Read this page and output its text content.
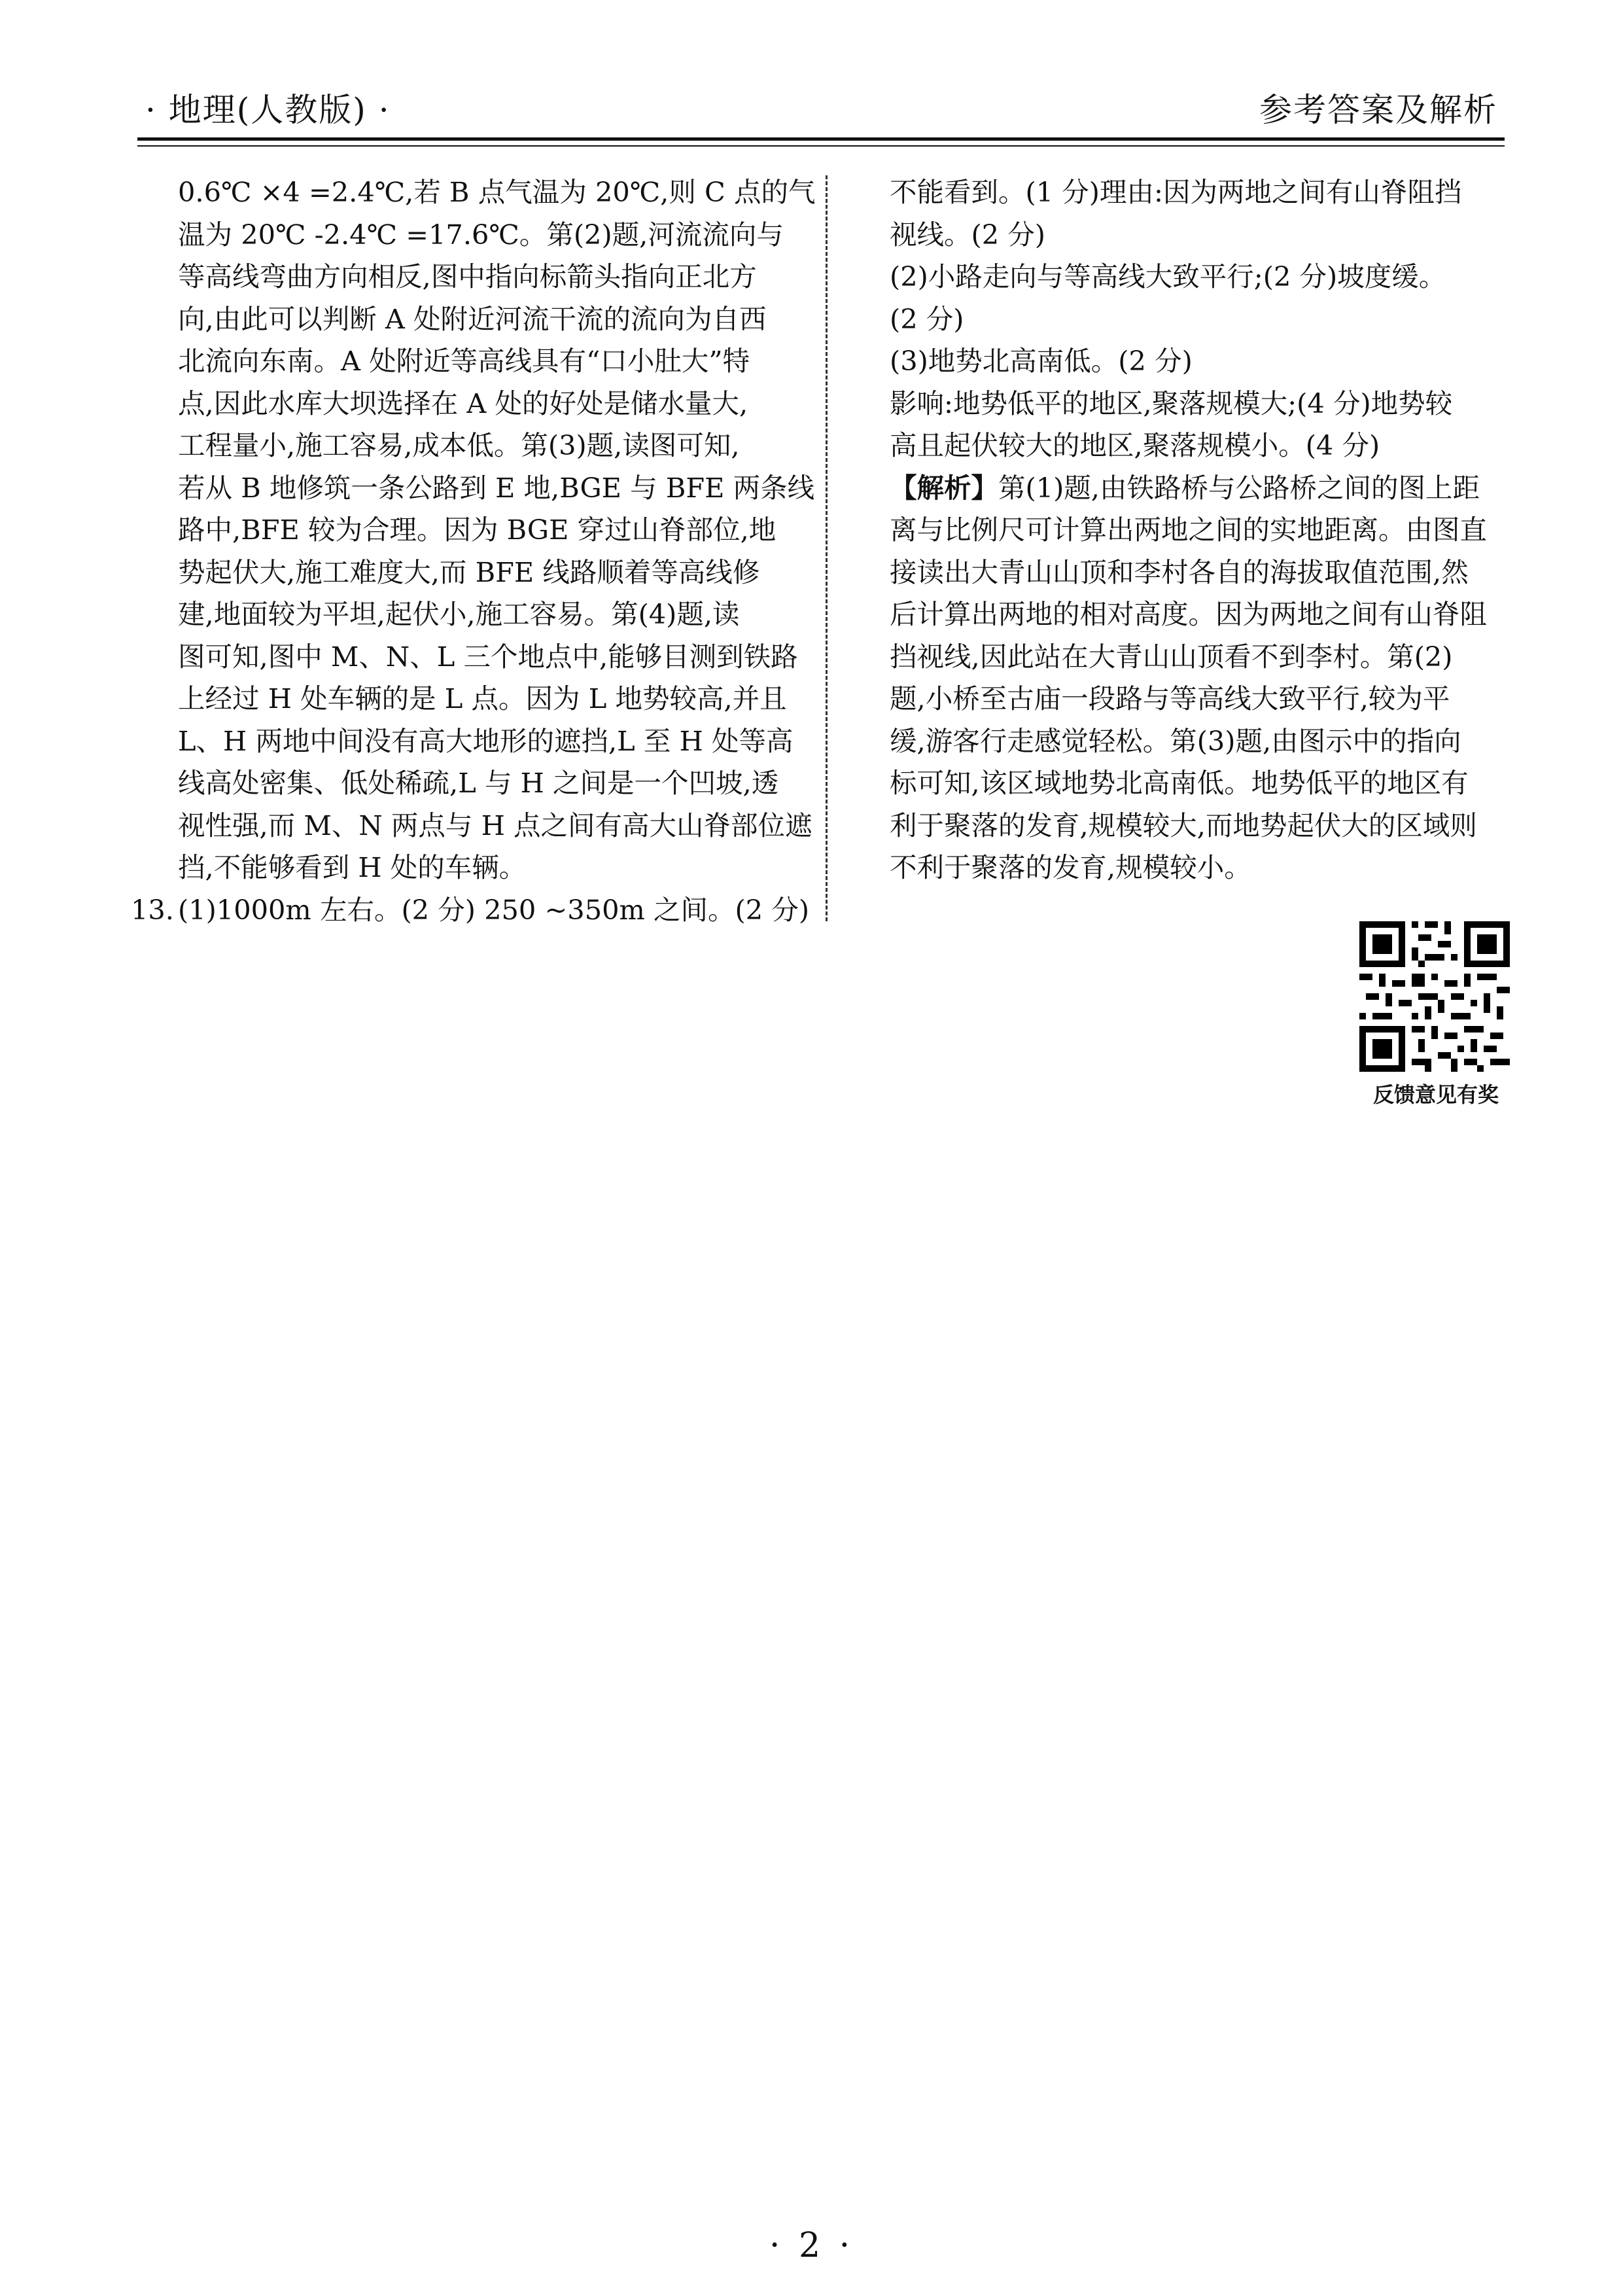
· 地理(人教版) ·	参考答案及解析

0.6℃ ×4 =2.4℃,若 B 点气温为 20℃,则 C 点的气

温为 20℃ -2.4℃ =17.6℃。第(2)题,河流流向与

等高线弯曲方向相反,图中指向标箭头指向正北方

向,由此可以判断 A 处附近河流干流的流向为自西

北流向东南。A 处附近等高线具有“口小肚大”特

点,因此水库大坝选择在 A 处的好处是储水量大,

工程量小,施工容易,成本低。第(3)题,读图可知,

若从 B 地修筑一条公路到 E 地,BGE 与 BFE 两条线

路中,BFE 较为合理。因为 BGE 穿过山脊部位,地

势起伏大,施工难度大,而 BFE 线路顺着等高线修

建,地面较为平坦,起伏小,施工容易。第(4)题,读

图可知,图中 M、N、L 三个地点中,能够目测到铁路

上经过 H 处车辆的是 L 点。因为 L 地势较高,并且

L、H 两地中间没有高大地形的遮挡,L 至 H 处等高

线高处密集、低处稀疏,L 与 H 之间是一个凹坡,透

视性强,而 M、N 两点与 H 点之间有高大山脊部位遮

挡,不能够看到 H 处的车辆。

13. (1)1000m 左右。(2 分) 250 ~350m 之间。(2 分)

不能看到。(1 分)理由:因为两地之间有山脊阻挡

视线。(2 分)

(2)小路走向与等高线大致平行;(2 分)坡度缓。

(2 分)

(3)地势北高南低。(2 分)

影响:地势低平的地区,聚落规模大;(4 分)地势较

高且起伏较大的地区,聚落规模小。(4 分)

【解析】第(1)题,由铁路桥与公路桥之间的图上距

离与比例尺可计算出两地之间的实地距离。由图直

接读出大青山山顶和李村各自的海拔取值范围,然

后计算出两地的相对高度。因为两地之间有山脊阻

挡视线,因此站在大青山山顶看不到李村。第(2)

题,小桥至古庙一段路与等高线大致平行,较为平

缓,游客行走感觉轻松。第(3)题,由图示中的指向

标可知,该区域地势北高南低。地势低平的地区有

利于聚落的发育,规模较大,而地势起伏大的区域则

不利于聚落的发育,规模较小。

反馈意见有奖
· 2 ·
